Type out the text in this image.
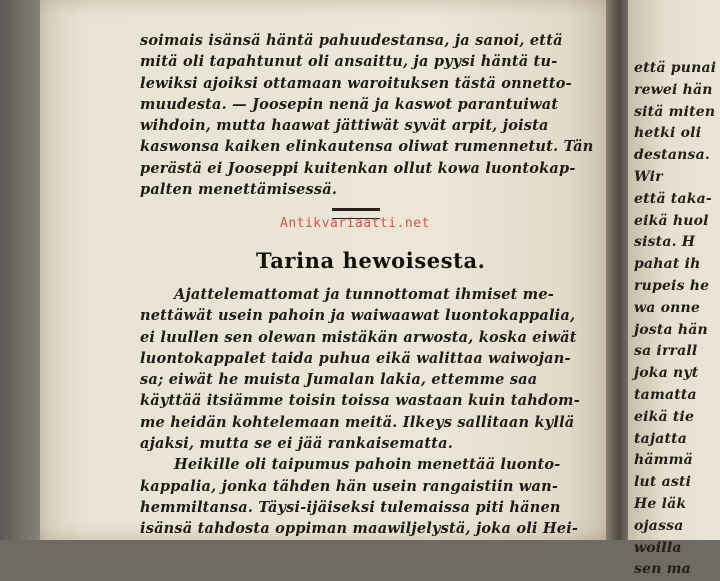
soimais isänsä häntä pahuudestansa, ja sanoi, että
mitä oli tapahtunut oli ansaittu, ja pyysi häntä tu-
lewiksi ajoiksi ottamaan waroituksen tästä onnetto-
muudesta. — Joosepin nenä ja kaswot parantuiwat
wihdoin, mutta haawat jättiwät syvät arpit, joista
kaswonsa kaiken elinkautensa oliwat rumennetut. Tän
perästä ei Jooseppi kuitenkan ollut kowa luontokap-
palten menettämisessä.
Antikvariaatti.net
Tarina hewoisesta.
Ajattelemattomat ja tunnottomat ihmiset me-
nettäwät usein pahoin ja waiwaawat luontokappalia,
ei luullen sen olewan mistäkän arwosta, koska eiwät
luontokappalet taida puhua eikä walittaa waiwojan-
sa; eiwät he muista Jumalan lakia, ettemme saa
käyttää itsiämme toisin toissa wastaan kuin tahdom-
me heidän kohtelemaan meitä. Ilkeys sallitaan kyllä
ajaksi, mutta se ei jää rankaisematta.
Heikille oli taipumus pahoin menettää luonto-
kappalia, jonka tähden hän usein rangaistiin wan-
hemmiltansa. Täysi-ijäiseksi tulemaissa piti hänen
isänsä tahdosta oppiman maawiljelystä, joka oli Hei-
että punai
rewei hän
sitä miten
hetki oli
destansa.
Wir
että taka-
eikä huol
sista. H
pahat ih
rupeis he
wa onne
josta hän
sa irrall
joka nyt
tamatta
eikä tie
tajatta
hämmä
lut asti
He läk
ojassa
woilla
sen ma
